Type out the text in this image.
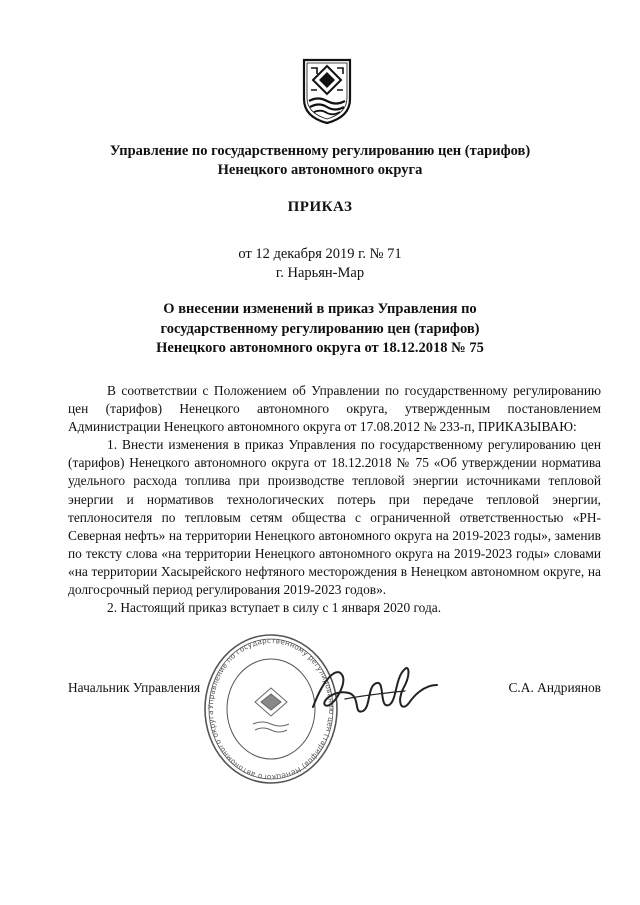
Управление по государственному регулированию цен (тарифов)
Ненецкого автономного округа
ПРИКАЗ
от 12 декабря 2019 г. № 71
г. Нарьян-Мар
О внесении изменений в приказ Управления по
государственному регулированию цен (тарифов)
Ненецкого автономного округа от 18.12.2018 № 75

В соответствии с Положением об Управлении по государственному регулированию цен (тарифов) Ненецкого автономного округа, утвержденным постановлением Администрации Ненецкого автономного округа от 17.08.2012 № 233-п, ПРИКАЗЫВАЮ:

1. Внести изменения в приказ Управления по государственному регулированию цен (тарифов) Ненецкого автономного округа от 18.12.2018 № 75 «Об утверждении норматива удельного расхода топлива при производстве тепловой энергии источниками тепловой энергии и нормативов технологических потерь при передаче тепловой энергии, теплоносителя по тепловым сетям общества с ограниченной ответственностью «РН-Северная нефть» на территории Ненецкого автономного округа на 2019-2023 годы», заменив по тексту слова «на территории Ненецкого автономного округа на 2019-2023 годы» словами «на территории Хасырейского нефтяного месторождения в Ненецком автономном округе, на долгосрочный период регулирования 2019-2023 годов».

2. Настоящий приказ вступает в силу с 1 января 2020 года.

Управление по государственному регулированию цен (тарифов) Ненецкого автономного округа
Начальник Управления	С.А. Андриянов
